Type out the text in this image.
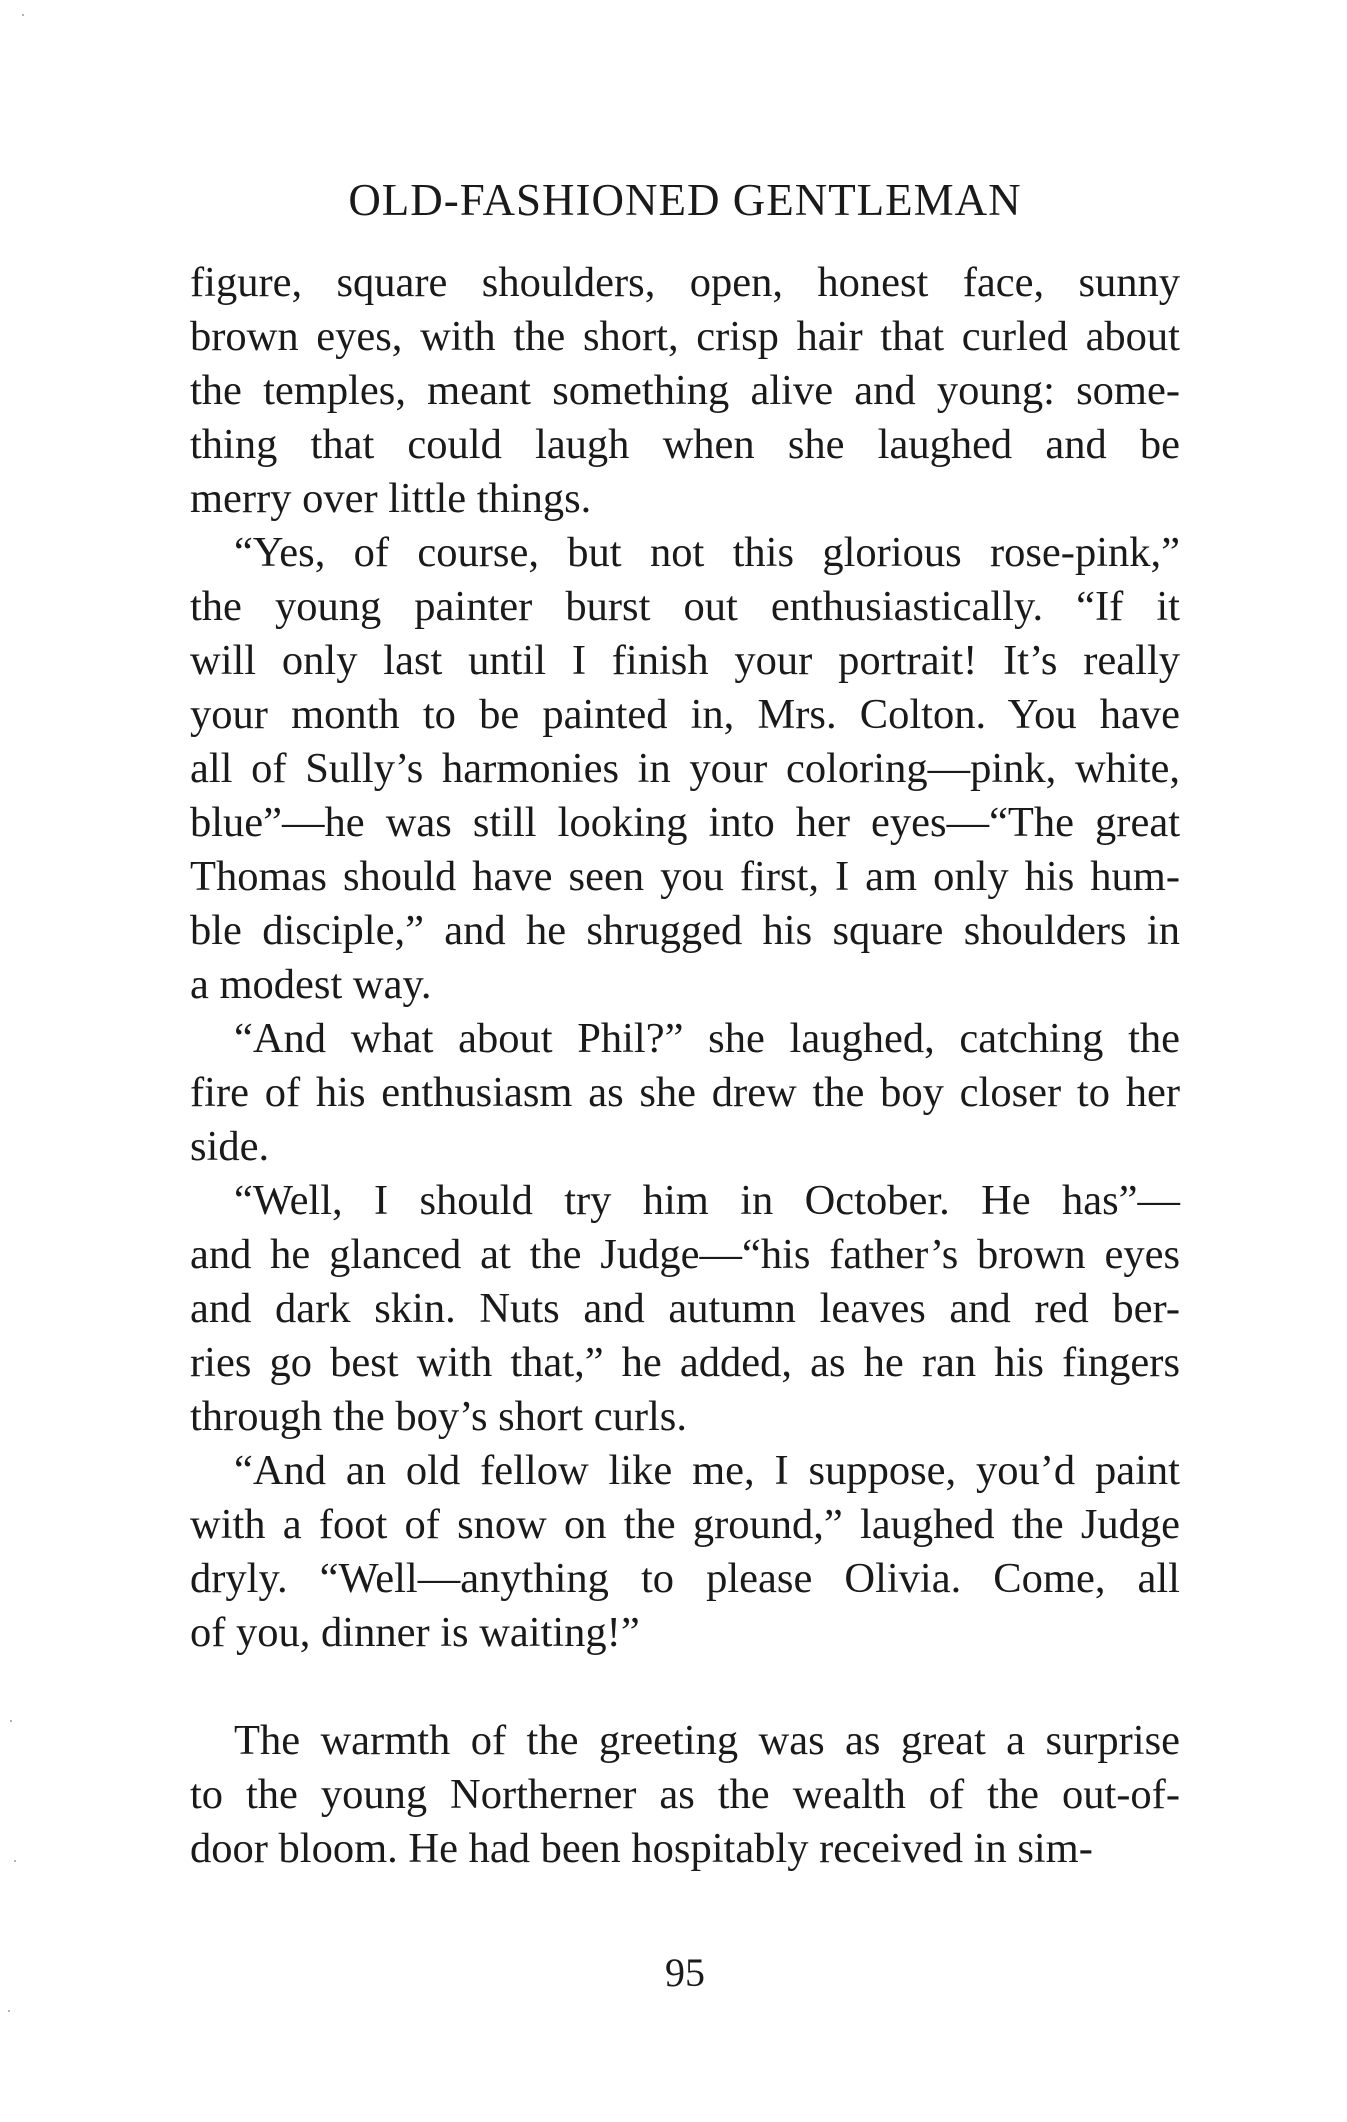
OLD-FASHIONED GENTLEMAN

figure, square shoulders, open, honest face, sunny
brown eyes, with the short, crisp hair that curled about
the temples, meant something alive and young: some-
thing that could laugh when she laughed and be
merry over little things.

“Yes, of course, but not this glorious rose-pink,”
the young painter burst out enthusiastically. “If it
will only last until I finish your portrait! It’s really
your month to be painted in, Mrs. Colton. You have
all of Sully’s harmonies in your coloring—pink, white,
blue”—he was still looking into her eyes—“The great
Thomas should have seen you first, I am only his hum-
ble disciple,” and he shrugged his square shoulders in
a modest way.

“And what about Phil?” she laughed, catching the
fire of his enthusiasm as she drew the boy closer to her
side.

“Well, I should try him in October. He has”—
and he glanced at the Judge—“his father’s brown eyes
and dark skin. Nuts and autumn leaves and red ber-
ries go best with that,” he added, as he ran his fingers
through the boy’s short curls.

“And an old fellow like me, I suppose, you’d paint
with a foot of snow on the ground,” laughed the Judge
dryly. “Well—anything to please Olivia. Come, all
of you, dinner is waiting!”

The warmth of the greeting was as great a surprise
to the young Northerner as the wealth of the out-of-
door bloom. He had been hospitably received in sim-

95
